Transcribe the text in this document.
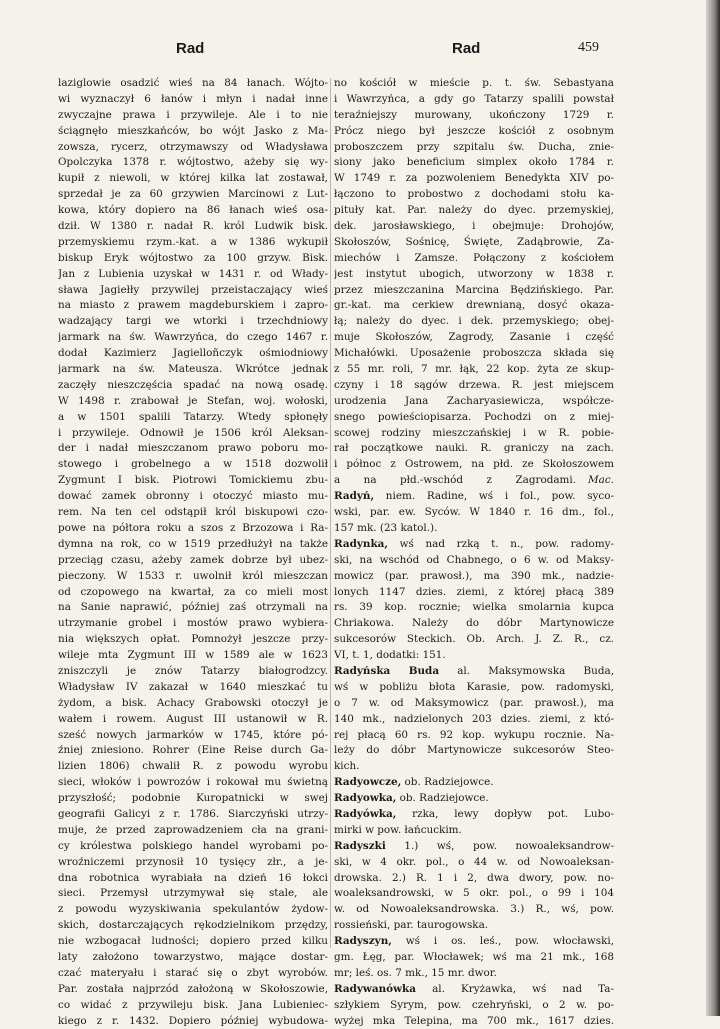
Rad	Rad	459
laziglowie osadzić wieś na 84 łanach. Wójto-
wi wyznaczył 6 łanów i młyn i nadał inne
zwyczajne prawa i przywileje. Ale i to nie
ściągnęło mieszkańców, bo wójt Jasko z Ma-
zowsza, rycerz, otrzymawszy od Władysława
Opolczyka 1378 r. wójtostwo, ażeby się wy-
kupił z niewoli, w której kilka lat zostawał,
sprzedał je za 60 grzywien Marcinowi z Lut-
kowa, który dopiero na 86 łanach wieś osa-
dził. W 1380 r. nadał R. król Ludwik bisk.
przemyskiemu rzym.-kat. a w 1386 wykupił
biskup Eryk wójtostwo za 100 grzyw. Bisk.
Jan z Lubienia uzyskał w 1431 r. od Włady-
sława Jagiełły przywilej przeistaczający wieś
na miasto z prawem magdeburskiem i zapro-
wadzający targi we wtorki i trzechdniowy
jarmark na św. Wawrzyńca, do czego 1467 r.
dodał Kazimierz Jagielloñczyk ośmiodniowy
jarmark na św. Mateusza. Wkrótce jednak
zaczęły nieszczęścia spadać na nową osadę.
W 1498 r. zrabował je Stefan, woj. wołoski,
a w 1501 spalili Tatarzy. Wtedy spłonęły
i przywileje. Odnowił je 1506 król Aleksan-
der i nadał mieszczanom prawo poboru mo-
stowego i grobelnego a w 1518 dozwolił
Zygmunt I bisk. Piotrowi Tomickiemu zbu-
dować zamek obronny i otoczyć miasto mu-
rem. Na ten cel odstąpił król biskupowi czo-
powe na półtora roku a szos z Brzozowa i Ra-
dymna na rok, co w 1519 przedłużył na także
przeciąg czasu, ażeby zamek dobrze był ubez-
pieczony. W 1533 r. uwolnił król mieszczan
od czopowego na kwartał, za co mieli most
na Sanie naprawić, później zaś otrzymali na
utrzymanie grobel i mostów prawo wybiera-
nia większych opłat. Pomnożył jeszcze przy-
wileje mta Zygmunt III w 1589 ale w 1623
zniszczyli je znów Tatarzy białogrodzcy.
Władysław IV zakazał w 1640 mieszkać tu
żydom, a bisk. Achacy Grabowski otoczył je
wałem i rowem. August III ustanowił w R.
sześć nowych jarmarków w 1745, które pó-
źniej zniesiono. Rohrer (Eine Reise durch Ga-
lizien 1806) chwalił R. z powodu wyrobu
sieci, włoków i powrozów i rokował mu świetną
przyszłość; podobnie Kuropatnicki w swej
geografii Galicyi z r. 1786. Siarczyński utrzy-
muje, że przed zaprowadzeniem cła na grani-
cy królestwa polskiego handel wyrobami po-
wroźniczemi przynosił 10 tysięcy złr., a je-
dna robotnica wyrabiała na dzień 16 łokci
sieci. Przemysł utrzymywał się stale, ale
z powodu wyzyskiwania spekulantów żydow-
skich, dostarczających rękodzielnikom przędzy,
nie wzbogacał ludności; dopiero przed kilku
laty założono towarzystwo, mające dostar-
czać materyału i starać się o zbyt wyrobów.
Par. została najprzód założoną w Skołoszowie,
co widać z przywileju bisk. Jana Lubieniec-
kiego z r. 1432. Dopiero później wybudowa-
no kościół w mieście p. t. św. Sebastyana
i Wawrzyńca, a gdy go Tatarzy spalili powstał
teraźniejszy murowany, ukończony 1729 r.
Prócz niego był jeszcze kościół z osobnym
proboszczem przy szpitalu św. Ducha, znie-
siony jako beneficium simplex około 1784 r.
W 1749 r. za pozwoleniem Benedykta XIV po-
łączono to probostwo z dochodami stołu ka-
pituły kat. Par. należy do dyec. przemyskiej,
dek. jarosławskiego, i obejmuje: Drohojów,
Skołoszów, Sośnicę, Święte, Zadąbrowie, Za-
miechów i Zamsze. Połączony z kościołem
jest instytut ubogich, utworzony w 1838 r.
przez mieszczanina Marcina Będzińskiego. Par.
gr.-kat. ma cerkiew drewnianą, dosyć okaza-
łą; należy do dyec. i dek. przemyskiego; obej-
muje Skołoszów, Zagrody, Zasanie i część
Michałówki. Uposażenie proboszcza składa się
z 55 mr. roli, 7 mr. łąk, 22 kop. żyta ze skup-
czyny i 18 sągów drzewa. R. jest miejscem
urodzenia Jana Zacharyasiewicza, współcze-
snego powieściopisarza. Pochodzi on z miej-
scowej rodziny mieszczańskiej i w R. pobie-
rał początkowe nauki. R. graniczy na zach.
i północ z Ostrowem, na płd. ze Skołoszowem
a na płd.-wschód z Zagrodami. Mac.
Radyń, niem. Radine, wś i fol., pow. syco-
wski, par. ew. Syców. W 1840 r. 16 dm., fol.,
157 mk. (23 katol.).
Radynka, wś nad rzką t. n., pow. radomy-
ski, na wschód od Chabnego, o 6 w. od Maksy-
mowicz (par. prawosł.), ma 390 mk., nadzie-
lonych 1147 dzies. ziemi, z której płacą 389
rs. 39 kop. rocznie; wielka smolarnia kupca
Chriakowa. Należy do dóbr Martynowicze
sukcesorów Steckich. Ob. Arch. J. Z. R., cz.
VI, t. 1, dodatki: 151.
Radyńska Buda al. Maksymowska Buda,
wś w pobliżu błota Karasie, pow. radomyski,
o 7 w. od Maksymowicz (par. prawosł.), ma
140 mk., nadzielonych 203 dzies. ziemi, z któ-
rej płacą 60 rs. 92 kop. wykupu rocznie. Na-
leży do dóbr Martynowicze sukcesorów Steo-
kich.
Radyowcze, ob. Radziejowce.
Radyowka, ob. Radziejowce.
Radyówka, rzka, lewy dopływ pot. Lubo-
mirki w pow. łańcuckim.
Radyszki 1.) wś, pow. nowoaleksandrow-
ski, w 4 okr. pol., o 44 w. od Nowoaleksan-
drowska. 2.) R. 1 i 2, dwa dwory, pow. no-
woaleksandrowski, w 5 okr. pol., o 99 i 104
w. od Nowoaleksandrowska. 3.) R., wś, pow.
rossieński, par. taurogowska.
Radyszyn, wś i os. leś., pow. włocławski,
gm. Łęg, par. Włocławek; wś ma 21 mk., 168
mr; leś. os. 7 mk., 15 mr. dwor.
Radywanówka al. Kryżawka, wś nad Ta-
szłykiem Syrym, pow. czehryński, o 2 w. po-
wyżej mka Telepina, ma 700 mk., 1617 dzies.
